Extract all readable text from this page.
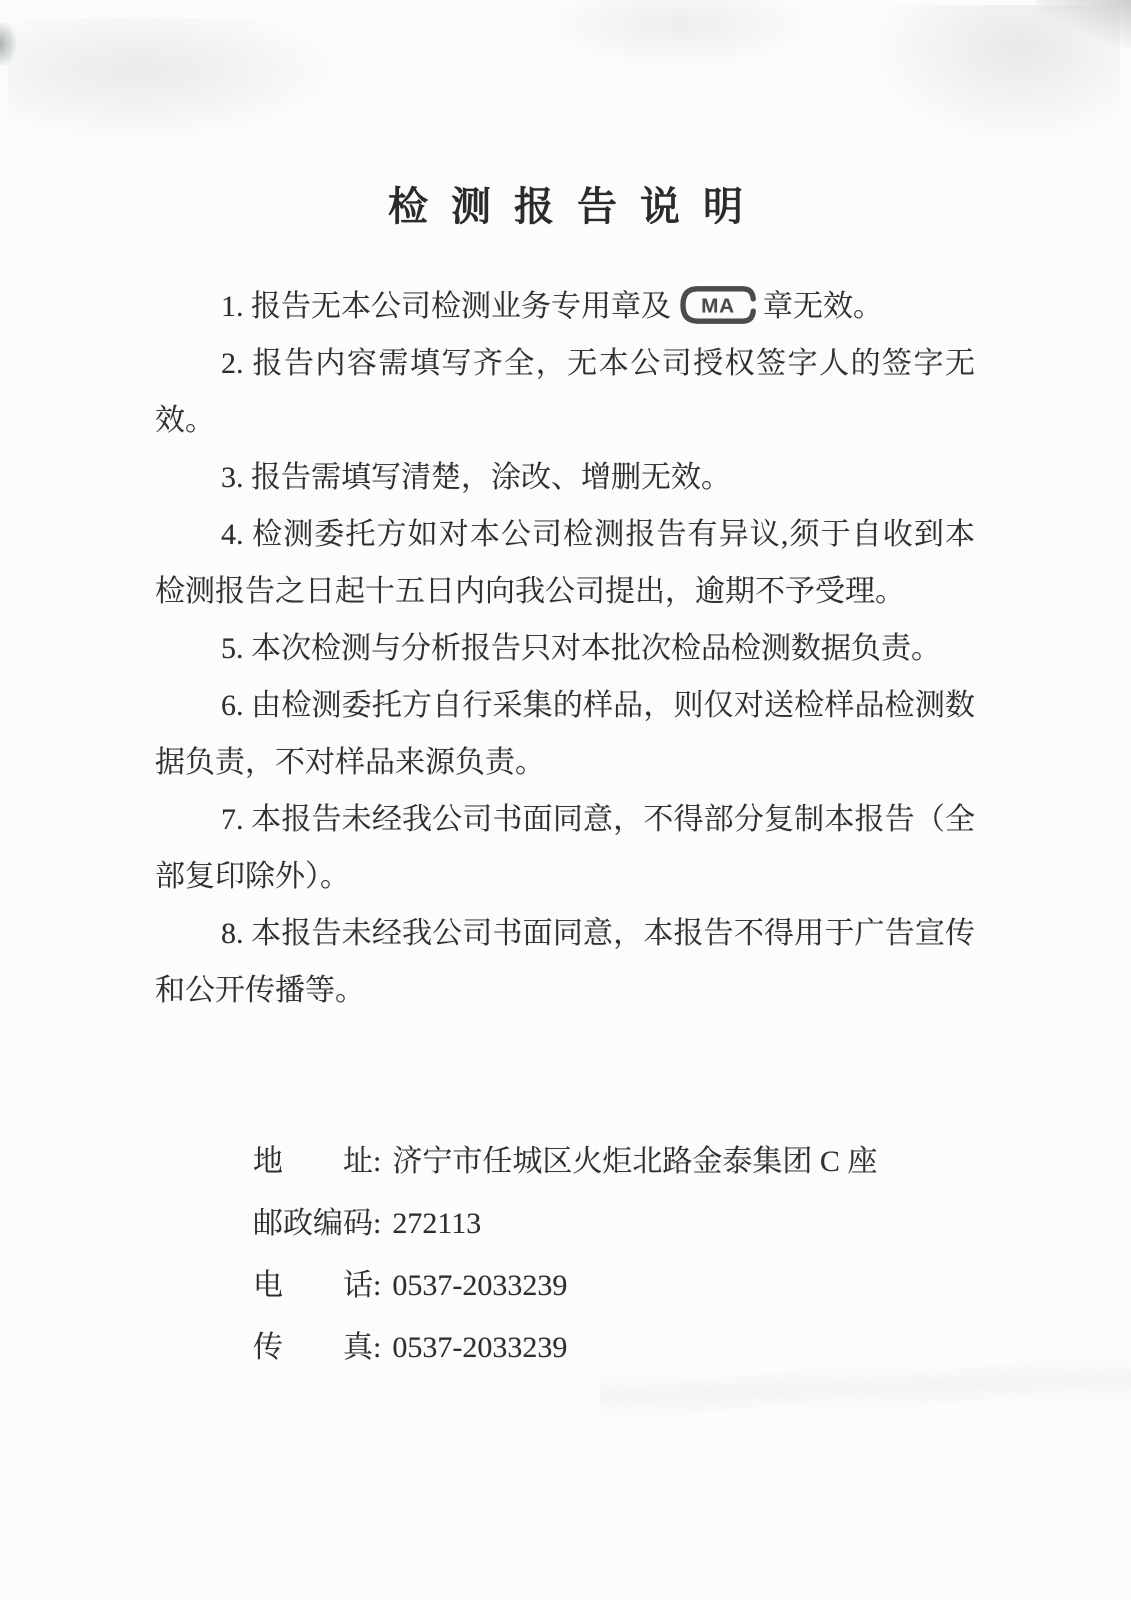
检测报告说明

1. 报告无本公司检测业务专用章及 MA 章无效。

2. 报告内容需填写齐全，无本公司授权签字人的签字无效。

3. 报告需填写清楚，涂改、增删无效。

4. 检测委托方如对本公司检测报告有异议,须于自收到本检测报告之日起十五日内向我公司提出，逾期不予受理。

5. 本次检测与分析报告只对本批次检品检测数据负责。

6. 由检测委托方自行采集的样品，则仅对送检样品检测数据负责，不对样品来源负责。

7. 本报告未经我公司书面同意，不得部分复制本报告（全部复印除外）。

8. 本报告未经我公司书面同意，本报告不得用于广告宣传和公开传播等。

地　　址: 济宁市任城区火炬北路金泰集团 C 座
邮政编码: 272113
电　　话: 0537-2033239
传　　真: 0537-2033239
